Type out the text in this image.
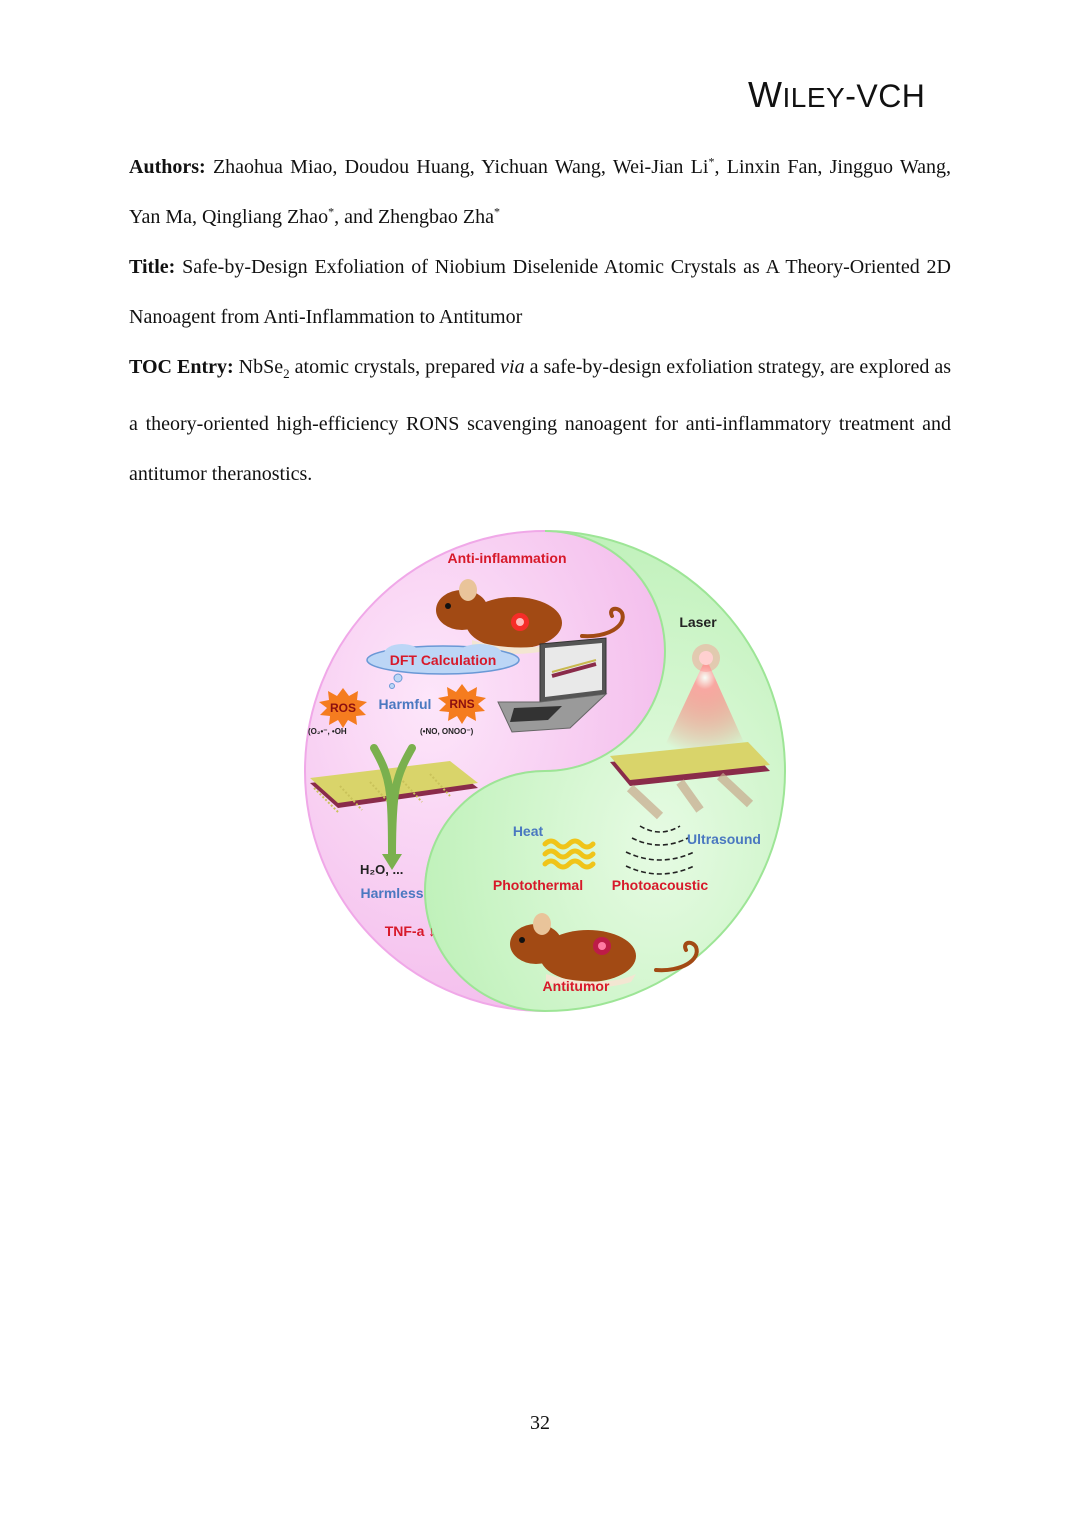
WILEY-VCH

Authors: Zhaohua Miao, Doudou Huang, Yichuan Wang, Wei-Jian Li*, Linxin Fan, Jingguo Wang, Yan Ma, Qingliang Zhao*, and Zhengbao Zha*

Title: Safe-by-Design Exfoliation of Niobium Diselenide Atomic Crystals as A Theory-Oriented 2D Nanoagent from Anti-Inflammation to Antitumor

TOC Entry: NbSe$_2$ atomic crystals, prepared via a safe-by-design exfoliation strategy, are explored as a theory-oriented high-efficiency RONS scavenging nanoagent for anti-inflammatory treatment and antitumor theranostics.

Anti-inflammation
DFT Calculation
ROS Harmful RNS
(O₂•⁻, •OH	(•NO, ONOO⁻)
H₂O, ...
Harmless
TNF-a ↓
Laser
Heat	Ultrasound
Photothermal Photoacoustic
Antitumor
32
